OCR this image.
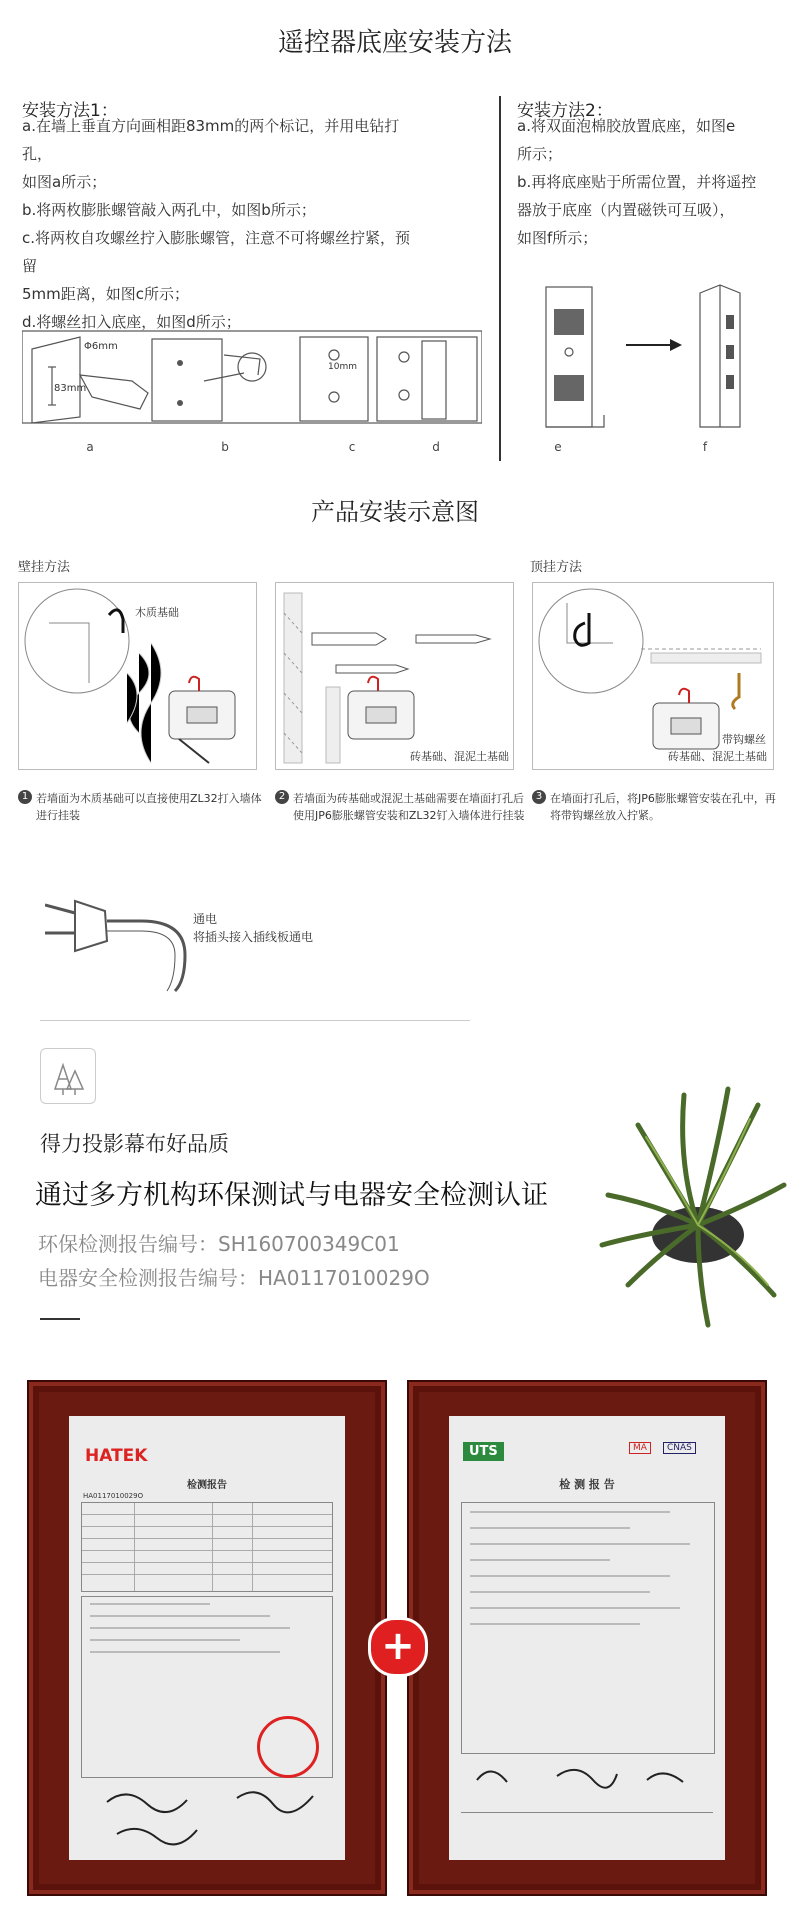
遥控器底座安装方法
安装方法1：
a.在墙上垂直方向画相距83mm的两个标记，并用电钻打孔，
如图a所示；
b.将两枚膨胀螺管敲入两孔中，如图b所示；
c.将两枚自攻螺丝拧入膨胀螺管，注意不可将螺丝拧紧，预留
5mm距离，如图c所示；
d.将螺丝扣入底座，如图d所示；
安装方法2：
a.将双面泡棉胶放置底座，如图e
所示；
b.再将底座贴于所需位置，并将遥控
器放于底座（内置磁铁可互吸），
如图f所示；
Φ6mm
83mm
10mm
a	b	c	d	e	f
产品安装示意图
壁挂方法	顶挂方法
木质基础
砖基础、混泥土基础
带钩螺丝
砖基础、混泥土基础
1 若墙面为木质基础可以直接使用ZL32打入墙体进行挂装
2 若墙面为砖基础或混泥土基础需要在墙面打孔后使用JP6膨胀螺管安装和ZL32钉入墙体进行挂装
3 在墙面打孔后，将JP6膨胀螺管安装在孔中，再将带钩螺丝放入拧紧。
通电
将插头接入插线板通电
得力投影幕布好品质
通过多方机构环保测试与电器安全检测认证
环保检测报告编号：SH160700349C01
电器安全检测报告编号：HA0117010029O
HATEK
检测报告
HA0117010029O
UTS	MA	CNAS
检 测 报 告
+
